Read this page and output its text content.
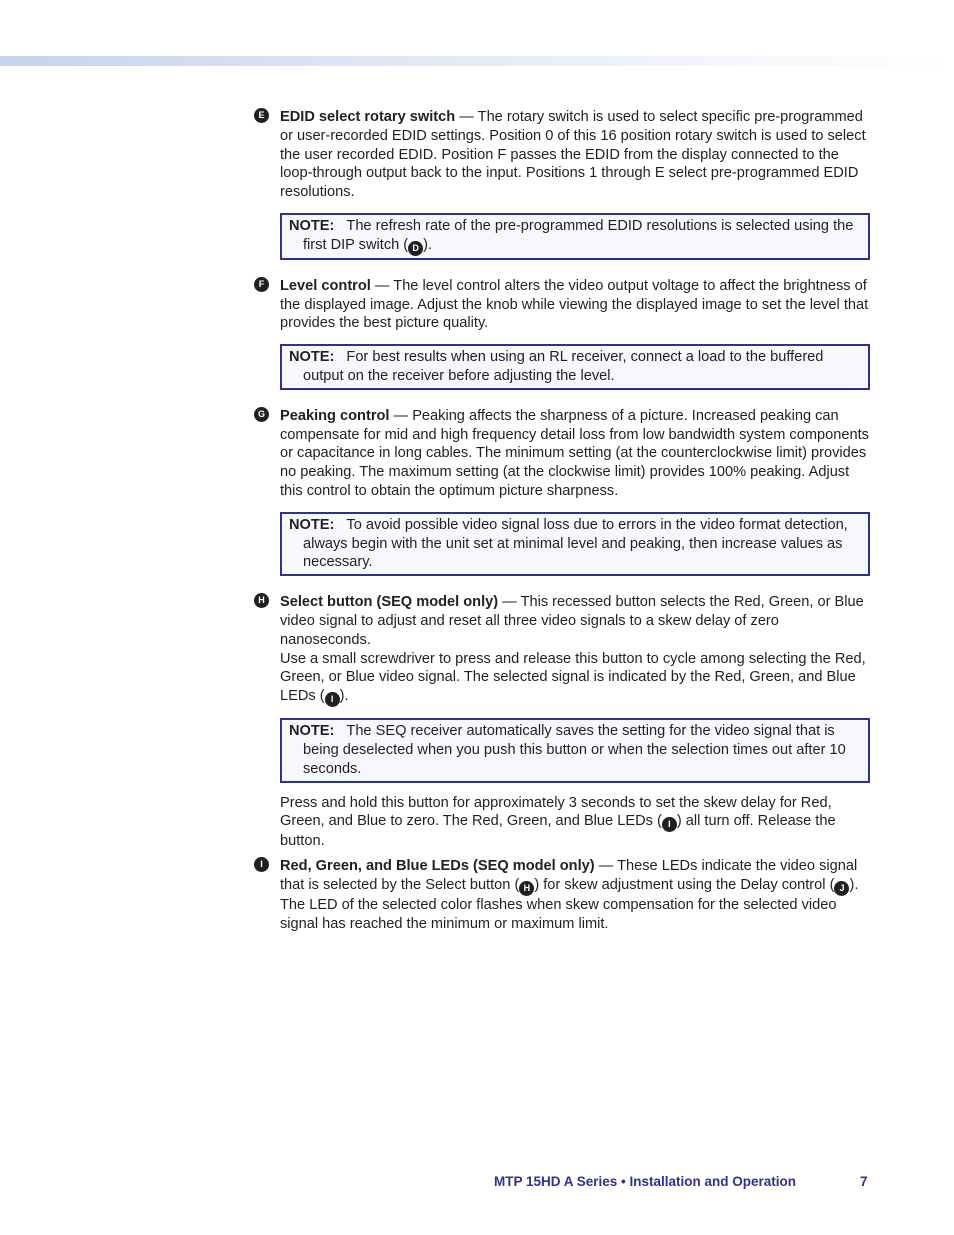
E	EDID select rotary switch — The rotary switch is used to select specific pre-programmed or user-recorded EDID settings. Position 0 of this 16 position rotary switch is used to select the user recorded EDID. Position F passes the EDID from the display connected to the loop-through output back to the input. Positions 1 through E select pre-programmed EDID resolutions.

NOTE: The refresh rate of the pre-programmed EDID resolutions is selected using the first DIP switch ( D ).
F	Level control — The level control alters the video output voltage to affect the brightness of the displayed image. Adjust the knob while viewing the displayed image to set the level that provides the best picture quality.

NOTE: For best results when using an RL receiver, connect a load to the buffered output on the receiver before adjusting the level.
G Peaking control — Peaking affects the sharpness of a picture. Increased peaking can compensate for mid and high frequency detail loss from low bandwidth system components or capacitance in long cables. The minimum setting (at the counterclockwise limit) provides no peaking. The maximum setting (at the clockwise limit) provides 100% peaking. Adjust this control to obtain the optimum picture sharpness.

NOTE: To avoid possible video signal loss due to errors in the video format detection, always begin with the unit set at minimal level and peaking, then increase values as necessary.
H Select button (SEQ model only) — This recessed button selects the Red, Green, or Blue video signal to adjust and reset all three video signals to a skew delay of zero nanoseconds.

Use a small screwdriver to press and release this button to cycle among selecting the Red, Green, or Blue video signal. The selected signal is indicated by the Red, Green, and Blue LEDs ( I ).

NOTE: The SEQ receiver automatically saves the setting for the video signal that is being deselected when you push this button or when the selection times out after 10 seconds.

Press and hold this button for approximately 3 seconds to set the skew delay for Red, Green, and Blue to zero. The Red, Green, and Blue LEDs ( I ) all turn off. Release the button.

I	Red, Green, and Blue LEDs (SEQ model only) — These LEDs indicate the video signal that is selected by the Select button ( H ) for skew adjustment using the Delay control ( J ). The LED of the selected color flashes when skew compensation for the selected video signal has reached the minimum or maximum limit.

MTP 15HD A Series • Installation and Operation	7
